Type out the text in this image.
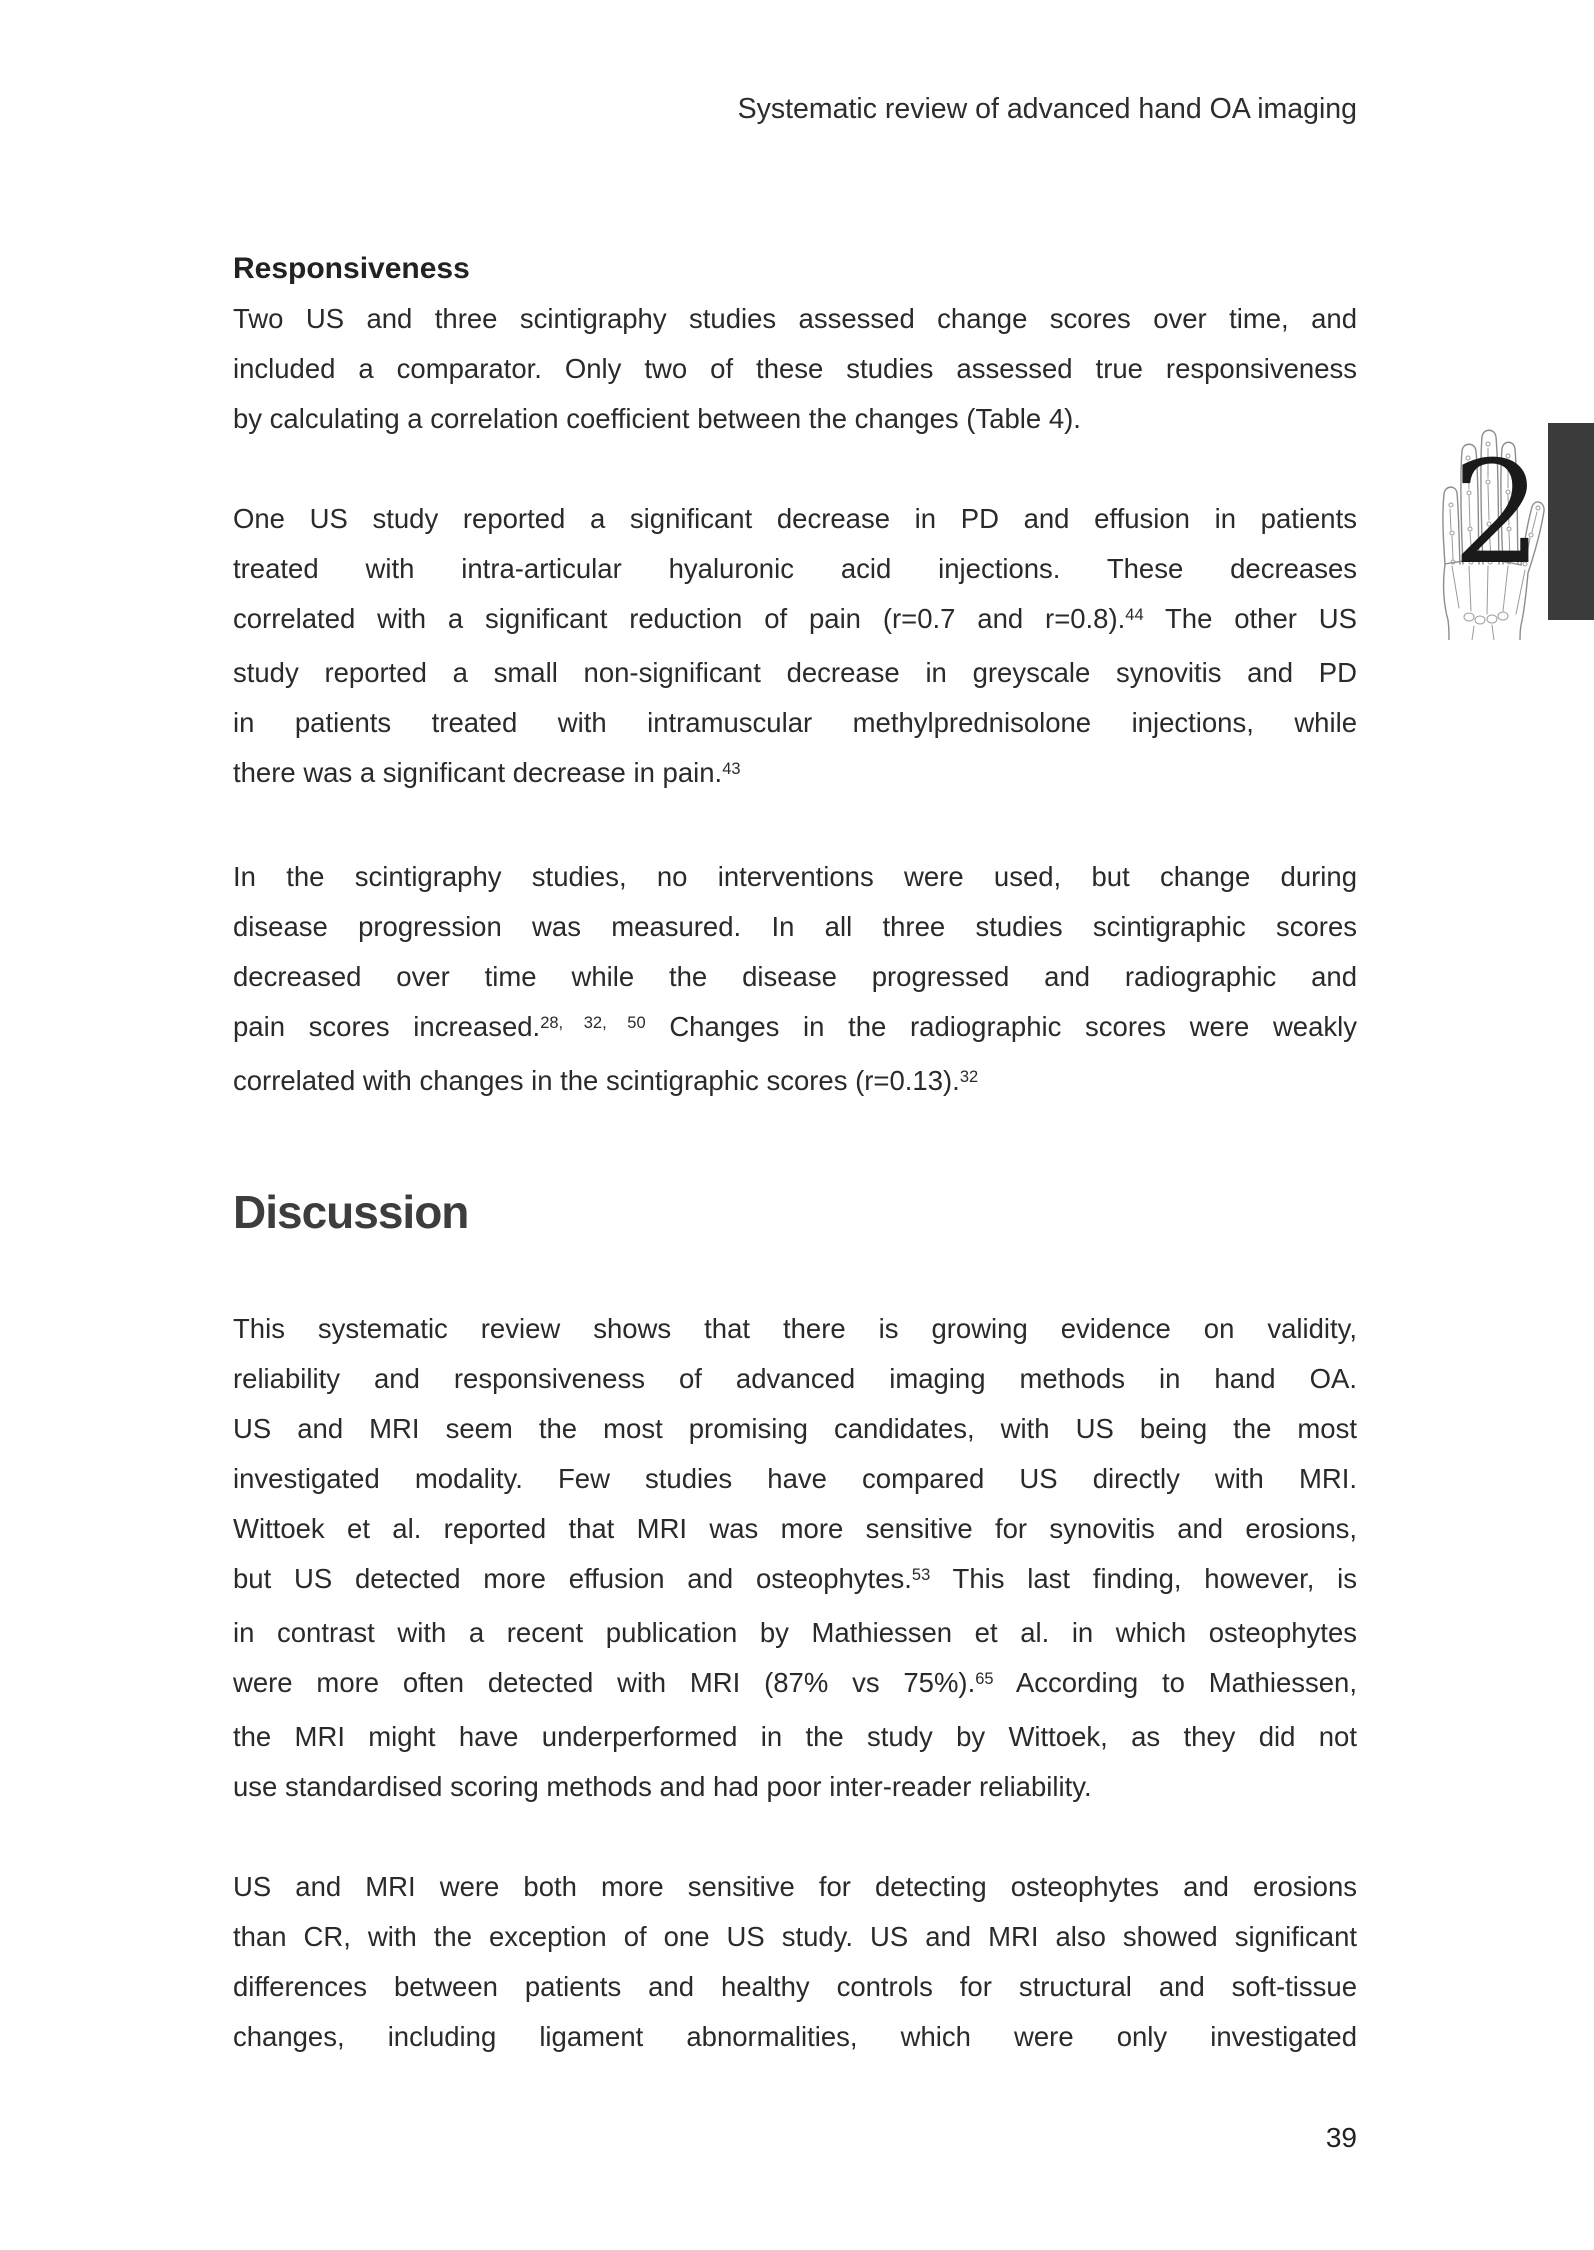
Systematic review of advanced hand OA imaging
2
Responsiveness
Two US and three scintigraphy studies assessed change scores over time, and
included a comparator. Only two of these studies assessed true responsiveness
by calculating a correlation coefficient between the changes (Table 4).
One US study reported a significant decrease in PD and effusion in patients
treated with intra-articular hyaluronic acid injections. These decreases
correlated with a significant reduction of pain (r=0.7 and r=0.8).$^{44}$ The other US
study reported a small non-significant decrease in greyscale synovitis and PD
in patients treated with intramuscular methylprednisolone injections, while
there was a significant decrease in pain.$^{43}$
In the scintigraphy studies, no interventions were used, but change during
disease progression was measured. In all three studies scintigraphic scores
decreased over time while the disease progressed and radiographic and
pain scores increased.$^{28, 32, 50}$ Changes in the radiographic scores were weakly
correlated with changes in the scintigraphic scores (r=0.13).$^{32}$
Discussion
This systematic review shows that there is growing evidence on validity,
reliability and responsiveness of advanced imaging methods in hand OA.
US and MRI seem the most promising candidates, with US being the most
investigated modality. Few studies have compared US directly with MRI.
Wittoek et al. reported that MRI was more sensitive for synovitis and erosions,
but US detected more effusion and osteophytes.$^{53}$ This last finding, however, is
in contrast with a recent publication by Mathiessen et al. in which osteophytes
were more often detected with MRI (87% vs 75%).$^{65}$ According to Mathiessen,
the MRI might have underperformed in the study by Wittoek, as they did not
use standardised scoring methods and had poor inter-reader reliability.
US and MRI were both more sensitive for detecting osteophytes and erosions
than CR, with the exception of one US study. US and MRI also showed significant
differences between patients and healthy controls for structural and soft-tissue
changes, including ligament abnormalities, which were only investigated
39
